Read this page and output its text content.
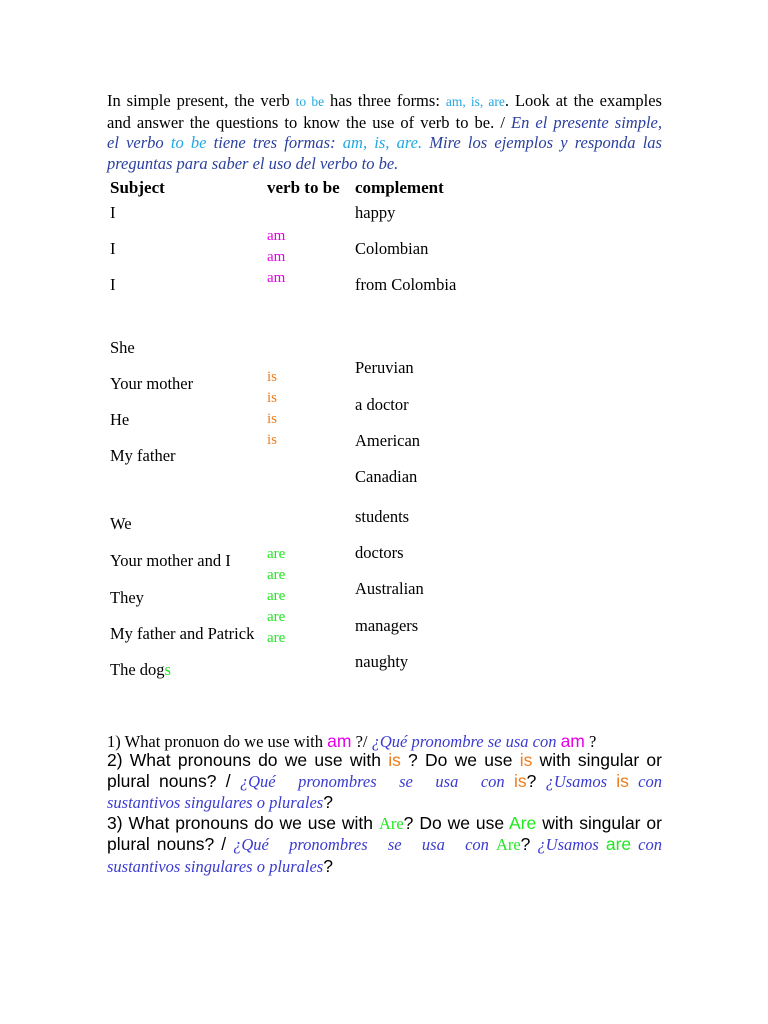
In simple present, the verb to be has three forms: am, is, are. Look at the examples
and answer the questions to know the use of verb to be. / En el presente simple,
el verbo to be tiene tres formas: am, is, are. Mire los ejemplos y responda las
preguntas para saber el uso del verbo to be.
Subject	verb to be complement
I
I
I
am
am
am
happy
Colombian
from Colombia
She
Your mother
He
My father
is
is
is
is
Peruvian
a doctor
American
Canadian
We
Your mother and I
They
My father and Patrick
The dogs
are
are
are
are
are
students
doctors
Australian
managers
naughty
1) What pronuon do we use with am ?/ ¿Qué pronombre se usa con am ?
2) What pronouns do we use with is ? Do we use is with singular or
plural nouns? / ¿Qué pronombres se usa con is? ¿Usamos is con
sustantivos singulares o plurales?
3) What pronouns do we use with Are? Do we use Are with singular or
plural nouns? / ¿Qué pronombres se usa con Are? ¿Usamos are con
sustantivos singulares o plurales?
